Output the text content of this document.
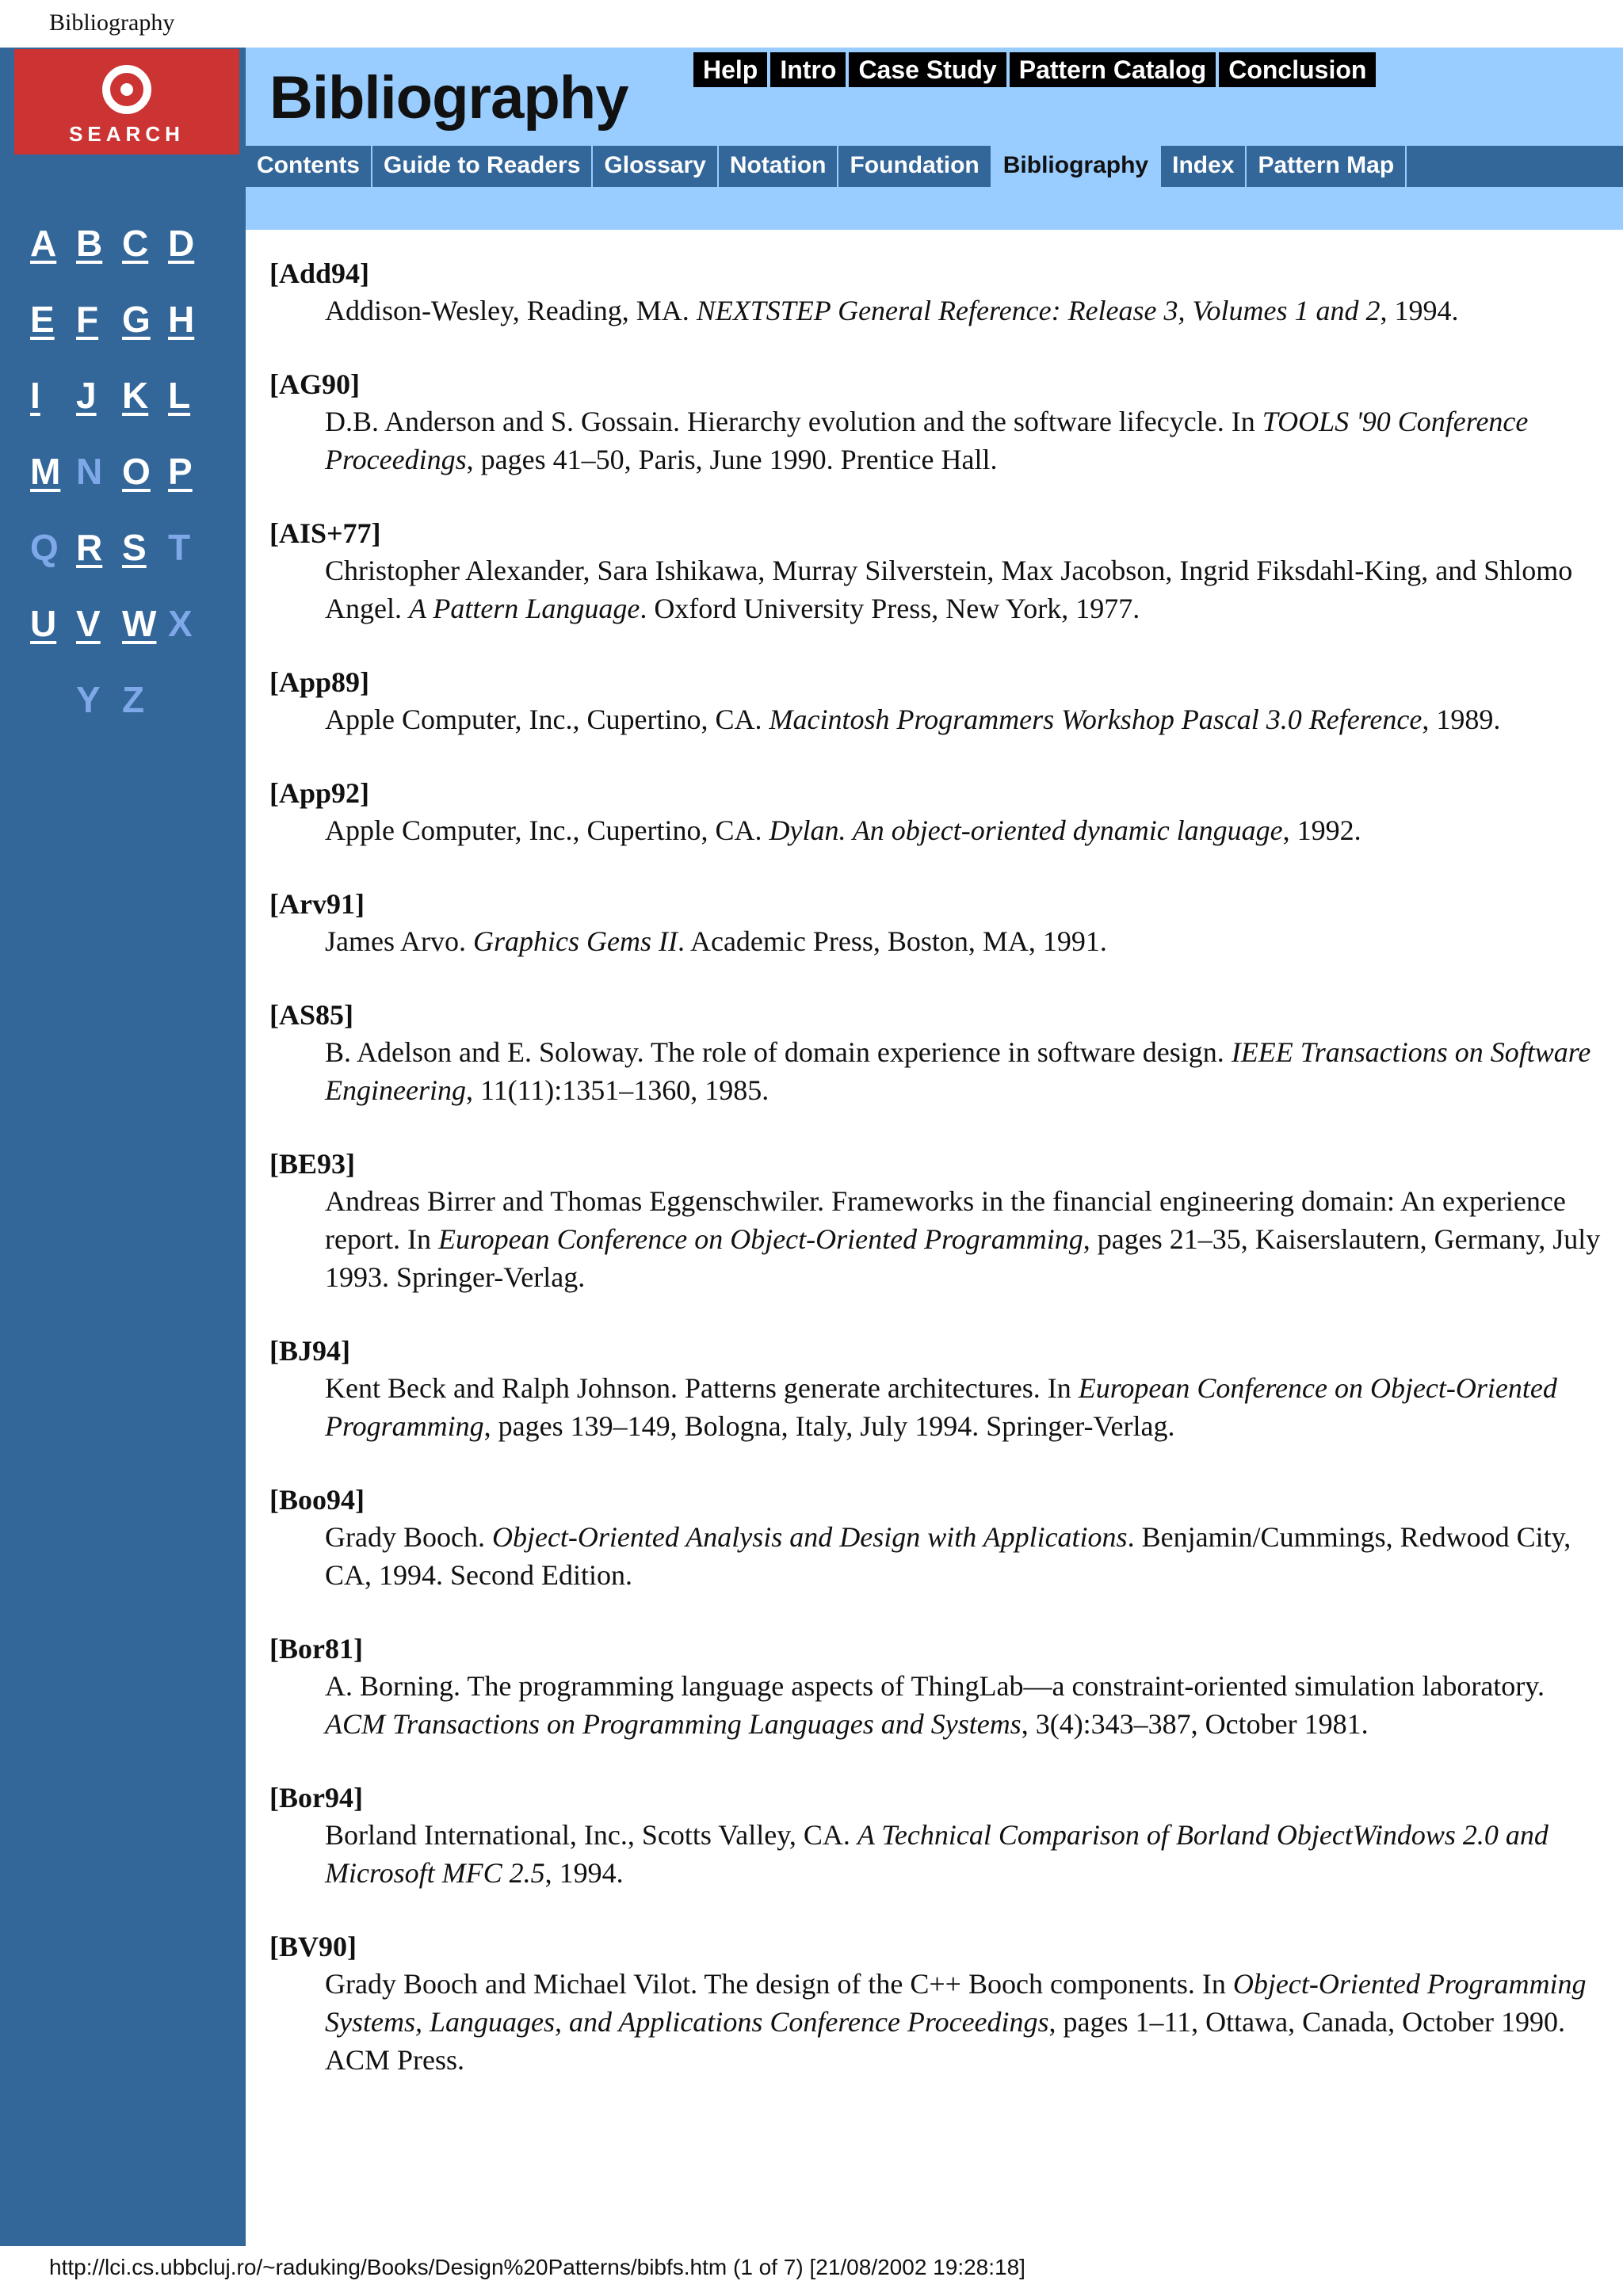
Bibliography
SEARCH
A B C D
E F G H
I J K L
M N O P
Q R S T
U V W X
Y Z
Bibliography	Help Intro Case Study Pattern Catalog Conclusion
Contents	Guide to Readers	Glossary	Notation	Foundation	Bibliography	Index	Pattern Map
[Add94]
Addison-Wesley, Reading, MA. NEXTSTEP General Reference: Release 3, Volumes 1 and 2, 1994.
[AG90]
D.B. Anderson and S. Gossain. Hierarchy evolution and the software lifecycle. In TOOLS '90 Conference Proceedings, pages 41–50, Paris, June 1990. Prentice Hall.
[AIS+77]
Christopher Alexander, Sara Ishikawa, Murray Silverstein, Max Jacobson, Ingrid Fiksdahl-King, and Shlomo Angel. A Pattern Language. Oxford University Press, New York, 1977.
[App89]
Apple Computer, Inc., Cupertino, CA. Macintosh Programmers Workshop Pascal 3.0 Reference, 1989.
[App92]
Apple Computer, Inc., Cupertino, CA. Dylan. An object-oriented dynamic language, 1992.
[Arv91]
James Arvo. Graphics Gems II. Academic Press, Boston, MA, 1991.
[AS85]
B. Adelson and E. Soloway. The role of domain experience in software design. IEEE Transactions on Software Engineering, 11(11):1351–1360, 1985.
[BE93]
Andreas Birrer and Thomas Eggenschwiler. Frameworks in the financial engineering domain: An experience report. In European Conference on Object-Oriented Programming, pages 21–35, Kaiserslautern, Germany, July 1993. Springer-Verlag.
[BJ94]
Kent Beck and Ralph Johnson. Patterns generate architectures. In European Conference on Object-Oriented Programming, pages 139–149, Bologna, Italy, July 1994. Springer-Verlag.
[Boo94]
Grady Booch. Object-Oriented Analysis and Design with Applications. Benjamin/Cummings, Redwood City, CA, 1994. Second Edition.
[Bor81]
A. Borning. The programming language aspects of ThingLab—a constraint-oriented simulation laboratory. ACM Transactions on Programming Languages and Systems, 3(4):343–387, October 1981.
[Bor94]
Borland International, Inc., Scotts Valley, CA. A Technical Comparison of Borland ObjectWindows 2.0 and Microsoft MFC 2.5, 1994.
[BV90]
Grady Booch and Michael Vilot. The design of the C++ Booch components. In Object-Oriented Programming Systems, Languages, and Applications Conference Proceedings, pages 1–11, Ottawa, Canada, October 1990. ACM Press.
http://lci.cs.ubbcluj.ro/~raduking/Books/Design%20Patterns/bibfs.htm (1 of 7) [21/08/2002 19:28:18]
